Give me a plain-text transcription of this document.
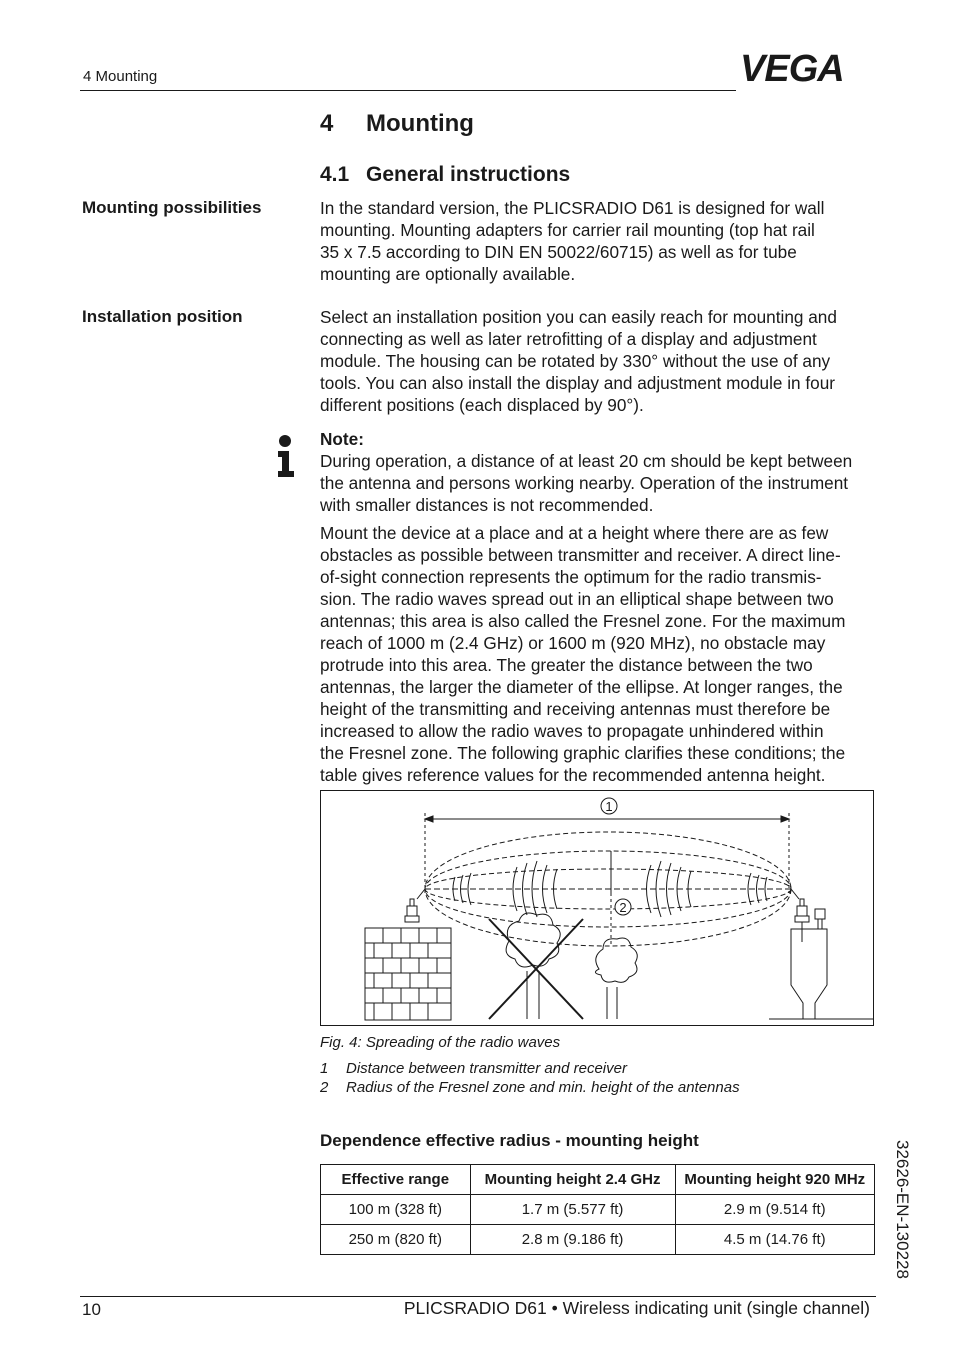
4 Mounting	VEGA
4 Mounting
4.1 General instructions
Mounting possibilities	In the standard version, the PLICSRADIO D61 is designed for wall
mounting. Mounting adapters for carrier rail mounting (top hat rail
35 x 7.5 according to DIN EN 50022/60715) as well as for tube
mounting are optionally available.

Installation position	Select an installation position you can easily reach for mounting and
connecting as well as later retrofitting of a display and adjustment
module. The housing can be rotated by 330° without the use of any
tools. You can also install the display and adjustment module in four
different positions (each displaced by 90°).

Note:
During operation, a distance of at least 20 cm should be kept between
the antenna and persons working nearby. Operation of the instrument
with smaller distances is not recommended.

Mount the device at a place and at a height where there are as few
obstacles as possible between transmitter and receiver. A direct line-
of-sight connection represents the optimum for the radio transmis-
sion. The radio waves spread out in an elliptical shape between two
antennas; this area is also called the Fresnel zone. For the maximum
reach of 1000 m (2.4 GHz) or 1600 m (920 MHz), no obstacle may
protrude into this area. The greater the distance between the two
antennas, the larger the diameter of the ellipse. At longer ranges, the
height of the transmitting and receiving antennas must therefore be
increased to allow the radio waves to propagate unhindered within
the Fresnel zone. The following graphic clarifies these conditions; the
table gives reference values for the recommended antenna height.

1
2
Fig. 4: Spreading of the radio waves
1 Distance between transmitter and receiver
2 Radius of the Fresnel zone and min. height of the antennas
Dependence effective radius - mounting height
Effective range	Mounting height 2.4 GHz	Mounting height 920 MHz
100 m (328 ft)	1.7 m (5.577 ft)	2.9 m (9.514 ft)
250 m (820 ft)	2.8 m (9.186 ft)	4.5 m (14.76 ft)	32626-EN-130228
10	PLICSRADIO D61 • Wireless indicating unit (single channel)
